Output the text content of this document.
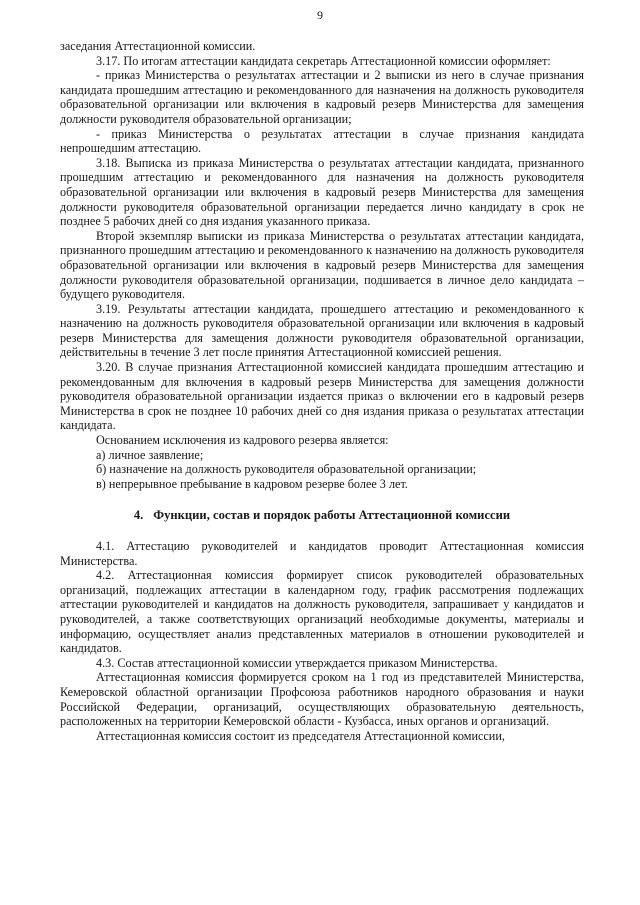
9

заседания Аттестационной комиссии.

3.17. По итогам аттестации кандидата секретарь Аттестационной комиссии оформляет:

- приказ Министерства о результатах аттестации и 2 выписки из него в случае признания кандидата прошедшим аттестацию и рекомендованного для назначения на должность руководителя образовательной организации или включения в кадровый резерв Министерства для замещения должности руководителя образовательной организации;

- приказ Министерства о результатах аттестации в случае признания кандидата непрошедшим аттестацию.

3.18. Выписка из приказа Министерства о результатах аттестации кандидата, признанного прошедшим аттестацию и рекомендованного для назначения на должность руководителя образовательной организации или включения в кадровый резерв Министерства для замещения должности руководителя образовательной организации передается лично кандидату в срок не позднее 5 рабочих дней со дня издания указанного приказа.

Второй экземпляр выписки из приказа Министерства о результатах аттестации кандидата, признанного прошедшим аттестацию и рекомендованного к назначению на должность руководителя образовательной организации или включения в кадровый резерв Министерства для замещения должности руководителя образовательной организации, подшивается в личное дело кандидата – будущего руководителя.

3.19. Результаты аттестации кандидата, прошедшего аттестацию и рекомендованного к назначению на должность руководителя образовательной организации или включения в кадровый резерв Министерства для замещения должности руководителя образовательной организации, действительны в течение 3 лет после принятия Аттестационной комиссией решения.

3.20. В случае признания Аттестационной комиссией кандидата прошедшим аттестацию и рекомендованным для включения в кадровый резерв Министерства для замещения должности руководителя образовательной организации издается приказ о включении его в кадровый резерв Министерства в срок не позднее 10 рабочих дней со дня издания приказа о результатах аттестации кандидата.

Основанием исключения из кадрового резерва является:

а) личное заявление;

б) назначение на должность руководителя образовательной организации;

в) непрерывное пребывание в кадровом резерве более 3 лет.

4. Функции, состав и порядок работы Аттестационной комиссии

4.1. Аттестацию руководителей и кандидатов проводит Аттестационная комиссия Министерства.

4.2. Аттестационная комиссия формирует список руководителей образовательных организаций, подлежащих аттестации в календарном году, график рассмотрения подлежащих аттестации руководителей и кандидатов на должность руководителя, запрашивает у кандидатов и руководителей, а также соответствующих организаций необходимые документы, материалы и информацию, осуществляет анализ представленных материалов в отношении руководителей и кандидатов.

4.3. Состав аттестационной комиссии утверждается приказом Министерства.

Аттестационная комиссия формируется сроком на 1 год из представителей Министерства, Кемеровской областной организации Профсоюза работников народного образования и науки Российской Федерации, организаций, осуществляющих образовательную деятельность, расположенных на территории Кемеровской области - Кузбасса, иных органов и организаций.

Аттестационная комиссия состоит из председателя Аттестационной комиссии,
